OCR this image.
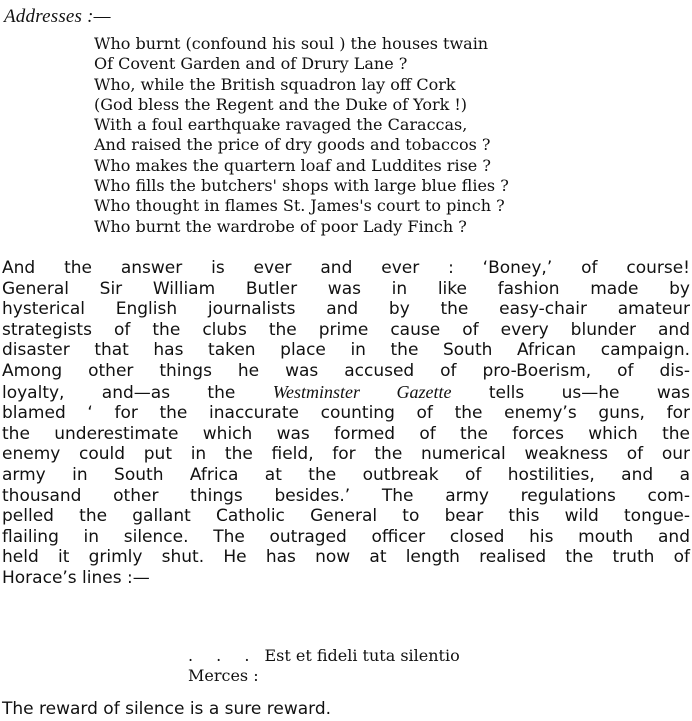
Addresses :—
Who burnt (confound his soul ) the houses twain
Of Covent Garden and of Drury Lane ?
Who, while the British squadron lay off Cork
(God bless the Regent and the Duke of York !)
With a foul earthquake ravaged the Caraccas,
And raised the price of dry goods and tobaccos ?
Who makes the quartern loaf and Luddites rise ?
Who fills the butchers' shops with large blue flies ?
Who thought in flames St. James's court to pinch ?
Who burnt the wardrobe of poor Lady Finch ?
And the answer is ever and ever : ‘Boney,’ of course!
General Sir William Butler was in like fashion made by
hysterical English journalists and by the easy-chair amateur
strategists of the clubs the prime cause of every blunder and
disaster that has taken place in the South African campaign.
Among other things he was accused of pro-Boerism, of dis-
loyalty, and—as the Westminster Gazette tells us—he was
blamed ‘ for the inaccurate counting of the enemy’s guns, for
the underestimate which was formed of the forces which the
enemy could put in the field, for the numerical weakness of our
army in South Africa at the outbreak of hostilities, and a
thousand other things besides.’ The army regulations com-
pelled the gallant Catholic General to bear this wild tongue-
flailing in silence. The outraged officer closed his mouth and
held it grimly shut. He has now at length realised the truth of
Horace’s lines :—
. . . Est et fideli tuta silentio
Merces :
The reward of silence is a sure reward.
